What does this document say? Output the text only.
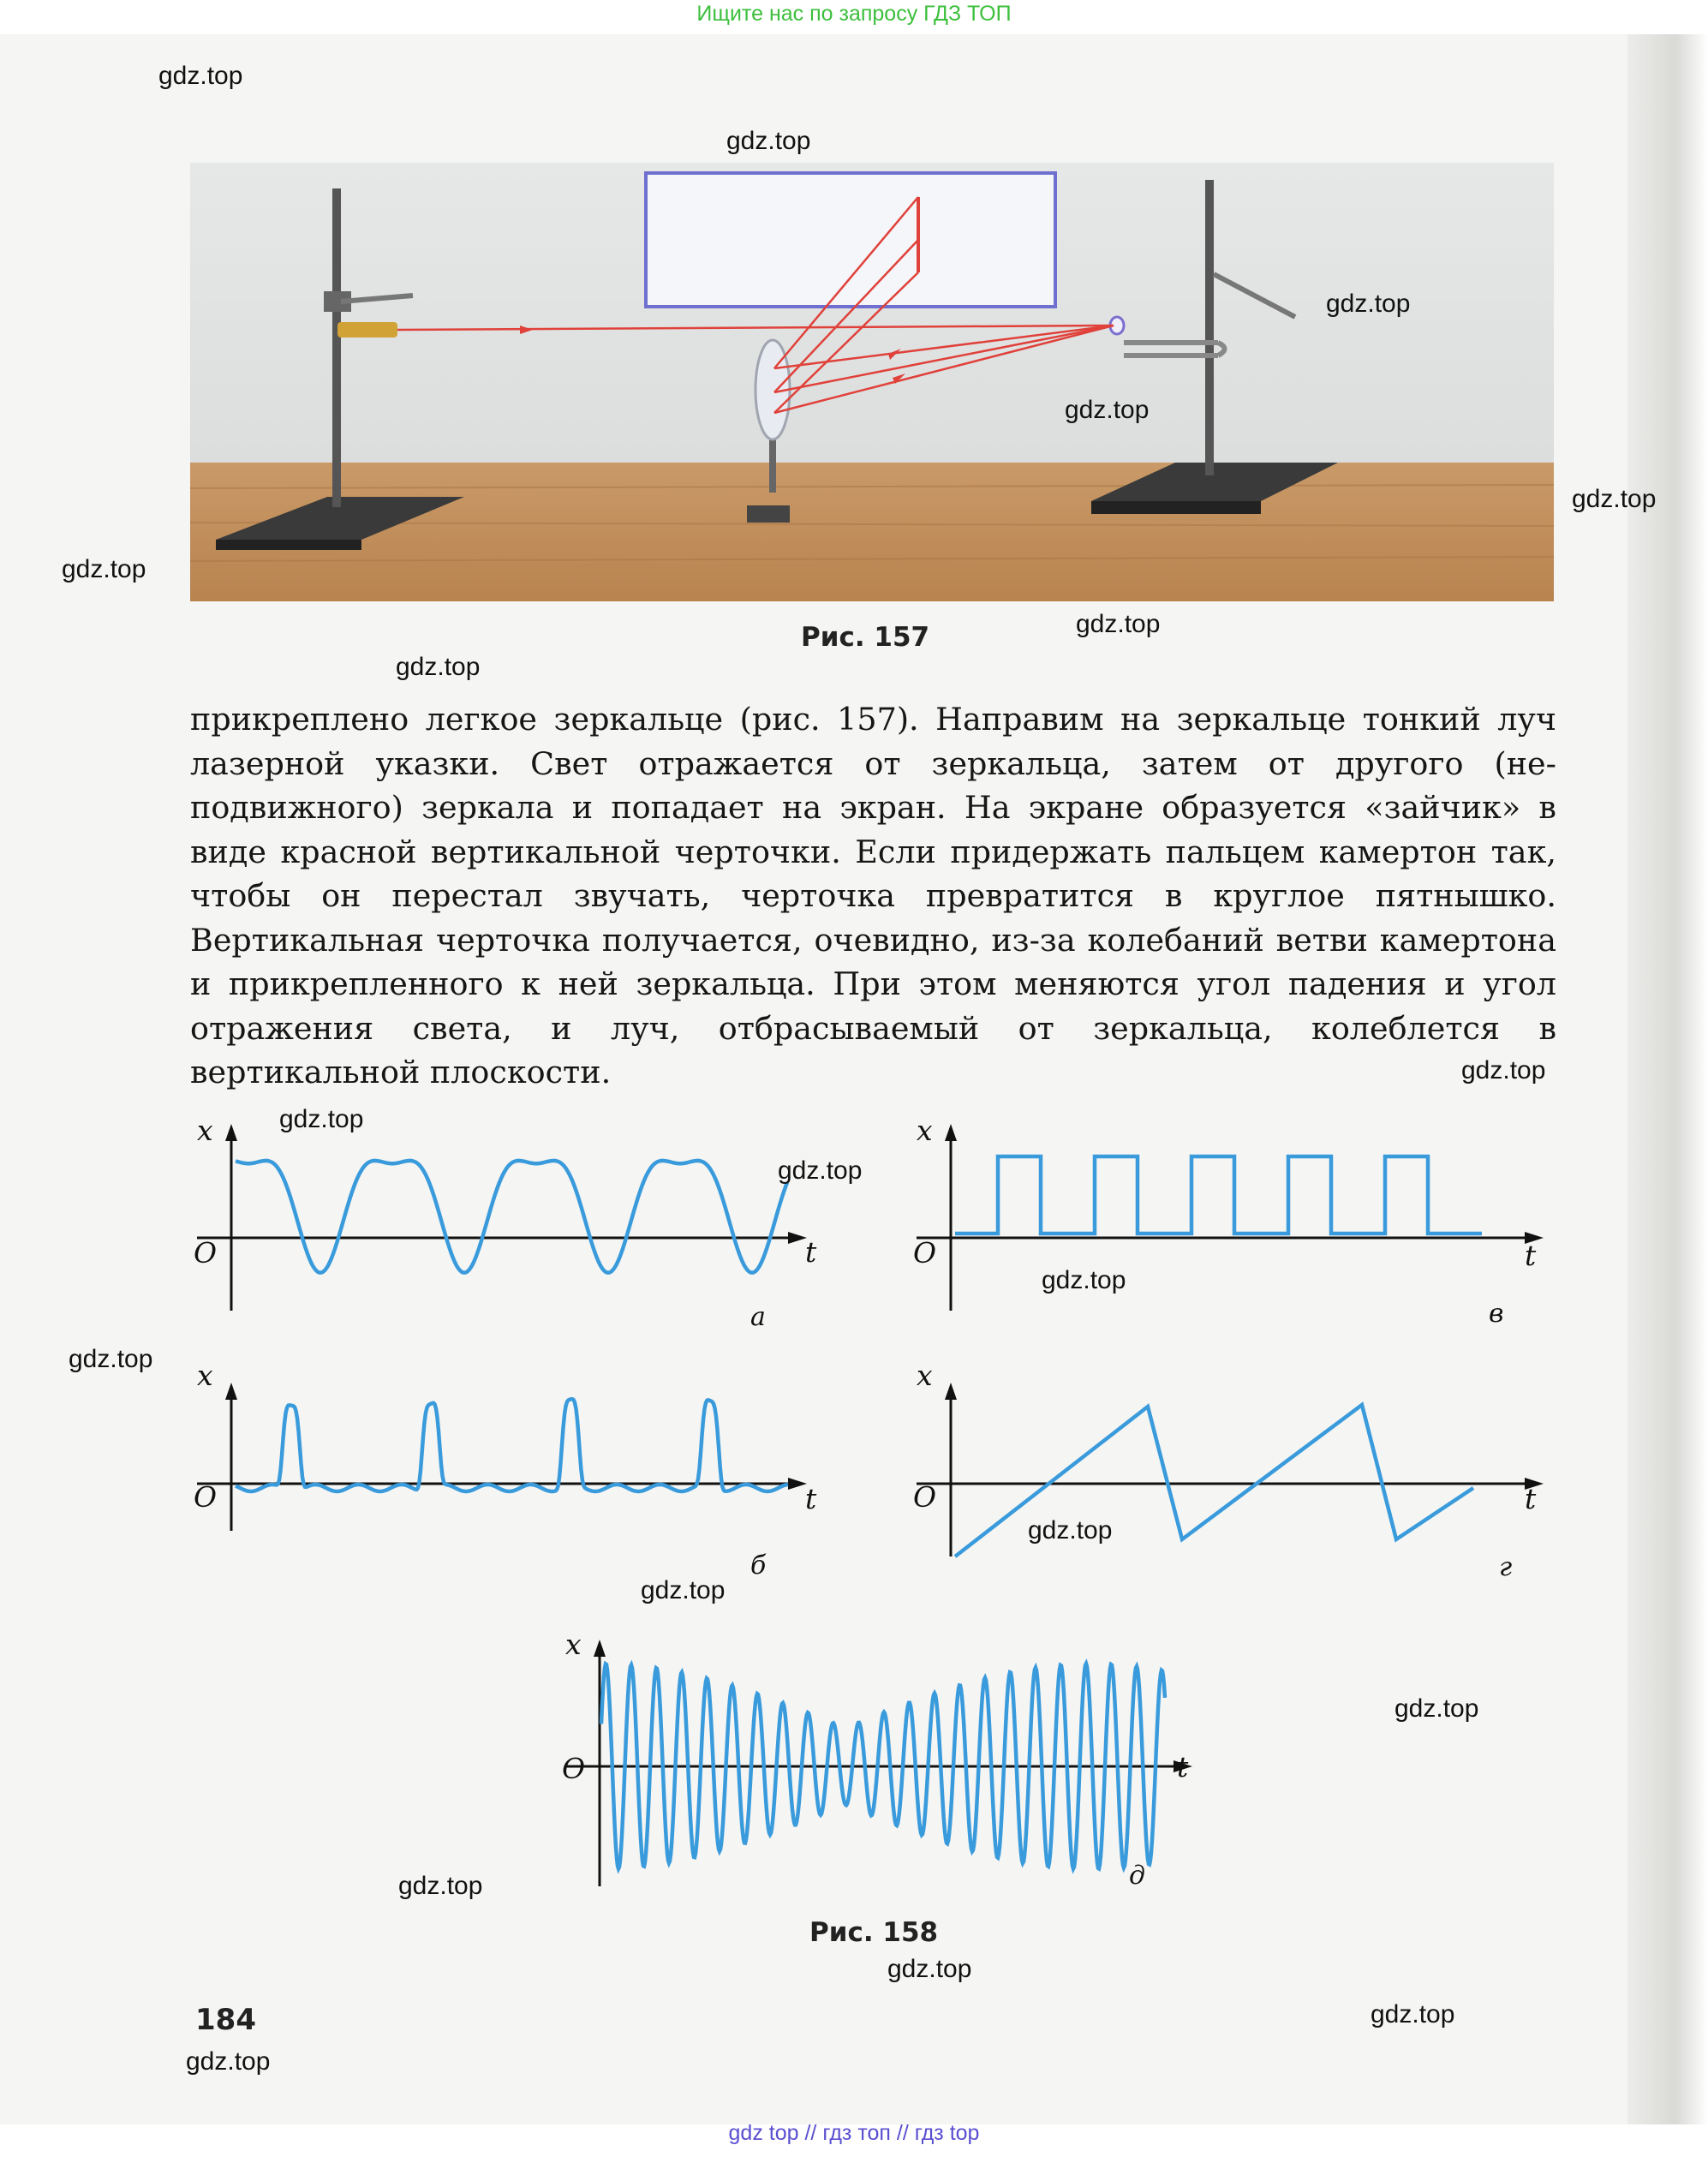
Ищите нас по запросу ГДЗ ТОП
Рис. 157

прикреплено легкое зеркальце (рис. 157). Направим на зеркальце тонкий луч лазерной указки. Свет отражается от зеркальца, затем от другого (неподвижного) зеркала и попадает на экран. На экране образуется «зайчик» в виде красной вертикальной черточки. Если придержать пальцем камертон так, чтобы он перестал звучать, черточка превратится в круглое пятнышко. Вертикальная черточка получается, очевидно, из-за колебаний ветви камертона и прикрепленного к ней зеркальца. При этом меняются угол падения и угол отражения света, и луч, отбрасываемый от зеркальца, колеблется в вертикальной плоскости.

x
O	t
а
x
O	t
б
x
O	t
в
x
O	t
г
x
O	t
д
Рис. 158
184
gdz.top
gdz.top
gdz.top
gdz.top
gdz.top
gdz.top
gdz.top
gdz.top
gdz.top
gdz.top
gdz.top
gdz.top
gdz.top
gdz.top
gdz.top
gdz.top
gdz.top
gdz.top
gdz.top
gdz.top
gdz top // гдз топ // гдз top
